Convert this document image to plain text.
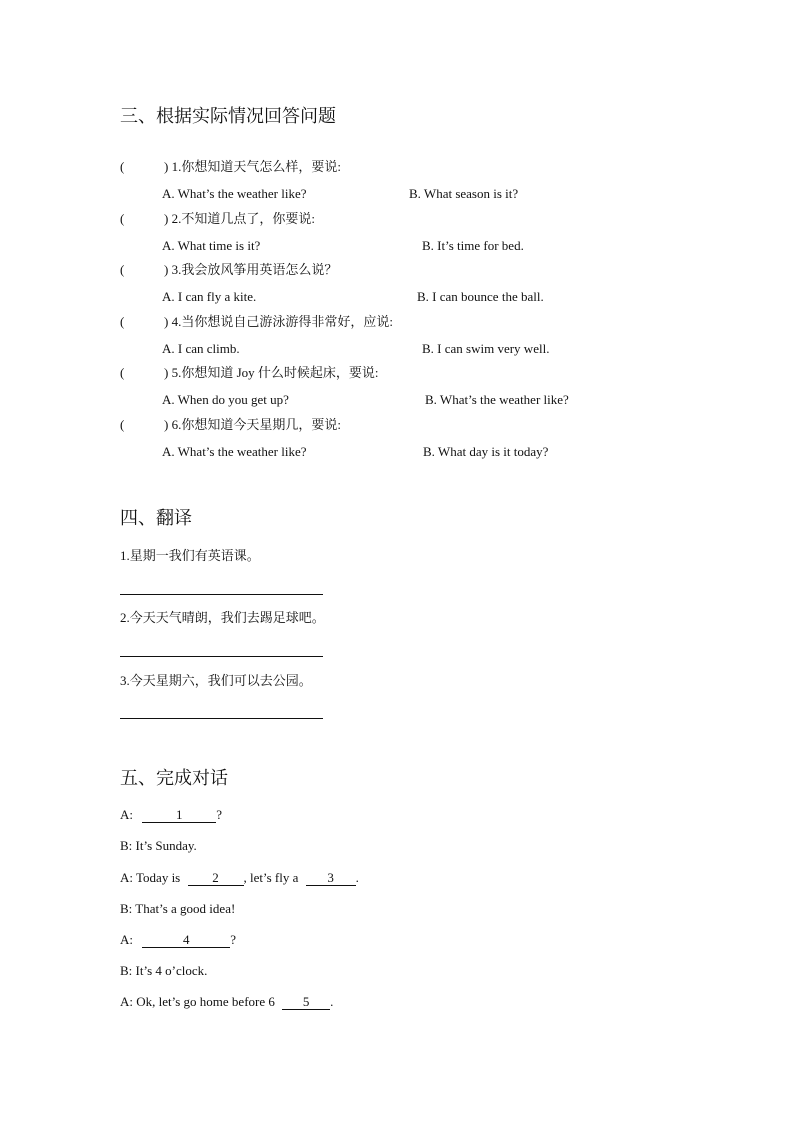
三、根据实际情况回答问题
(	) 1.你想知道天气怎么样，要说:
A. What’s the weather like?	B. What season is it?
(	) 2.不知道几点了，你要说:
A. What time is it?	B. It’s time for bed.
(	) 3.我会放风筝用英语怎么说？
A. I can fly a kite.	B. I can bounce the ball.
(	) 4.当你想说自己游泳游得非常好，应说:
A. I can climb.	B. I can swim very well.
(	) 5.你想知道 Joy 什么时候起床，要说:
A. When do you get up?	B. What’s the weather like?
(	) 6.你想知道今天星期几，要说:
A. What’s the weather like?	B. What day is it today?
四、翻译
1.星期一我们有英语课。
2.今天天气晴朗，我们去踢足球吧。
3.今天星期六，我们可以去公园。
五、完成对话
A:	1	?
B: It’s Sunday.
A: Today is 2 , let’s fly a 3 .
B: That’s a good idea!
A:	4	?
B: It’s 4 o’clock.
A: Ok, let’s go home before 6 5 .
